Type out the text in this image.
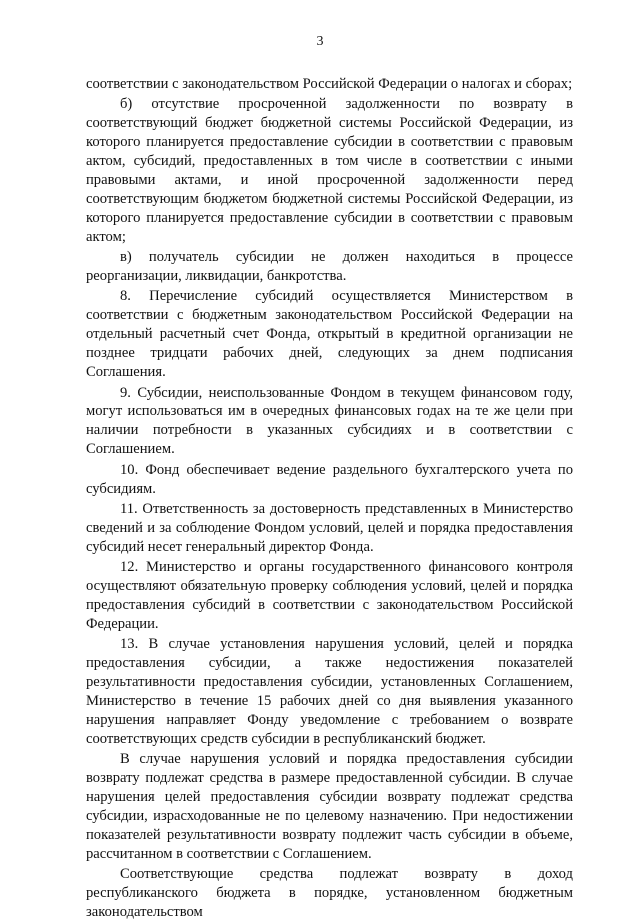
3

соответствии с законодательством Российской Федерации о налогах и сборах;

б) отсутствие просроченной задолженности по возврату в соответствующий бюджет бюджетной системы Российской Федерации, из которого планируется предоставление субсидии в соответствии с правовым актом, субсидий, предоставленных в том числе в соответствии с иными правовыми актами, и иной просроченной задолженности перед соответствующим бюджетом бюджетной системы Российской Федерации, из которого планируется предоставление субсидии в соответствии с правовым актом;

в) получатель субсидии не должен находиться в процессе реорганизации, ликвидации, банкротства.

8. Перечисление субсидий осуществляется Министерством в соответствии с бюджетным законодательством Российской Федерации на отдельный расчетный счет Фонда, открытый в кредитной организации не позднее тридцати рабочих дней, следующих за днем подписания Соглашения.

9. Субсидии, неиспользованные Фондом в текущем финансовом году, могут использоваться им в очередных финансовых годах на те же цели при наличии потребности в указанных субсидиях и в соответствии с Соглашением.

10. Фонд обеспечивает ведение раздельного бухгалтерского учета по субсидиям.

11. Ответственность за достоверность представленных в Министерство сведений и за соблюдение Фондом условий, целей и порядка предоставления субсидий несет генеральный директор Фонда.

12. Министерство и органы государственного финансового контроля осуществляют обязательную проверку соблюдения условий, целей и порядка предоставления субсидий в соответствии с законодательством Российской Федерации.

13. В случае установления нарушения условий, целей и порядка предоставления субсидии, а также недостижения показателей результативности предоставления субсидии, установленных Соглашением, Министерство в течение 15 рабочих дней со дня выявления указанного нарушения направляет Фонду уведомление с требованием о возврате соответствующих средств субсидии в республиканский бюджет.

В случае нарушения условий и порядка предоставления субсидии возврату подлежат средства в размере предоставленной субсидии. В случае нарушения целей предоставления субсидии возврату подлежат средства субсидии, израсходованные не по целевому назначению. При недостижении показателей результативности возврату подлежит часть субсидии в объеме, рассчитанном в соответствии с Соглашением.

Соответствующие средства подлежат возврату в доход республиканского бюджета в порядке, установленном бюджетным законодательством
